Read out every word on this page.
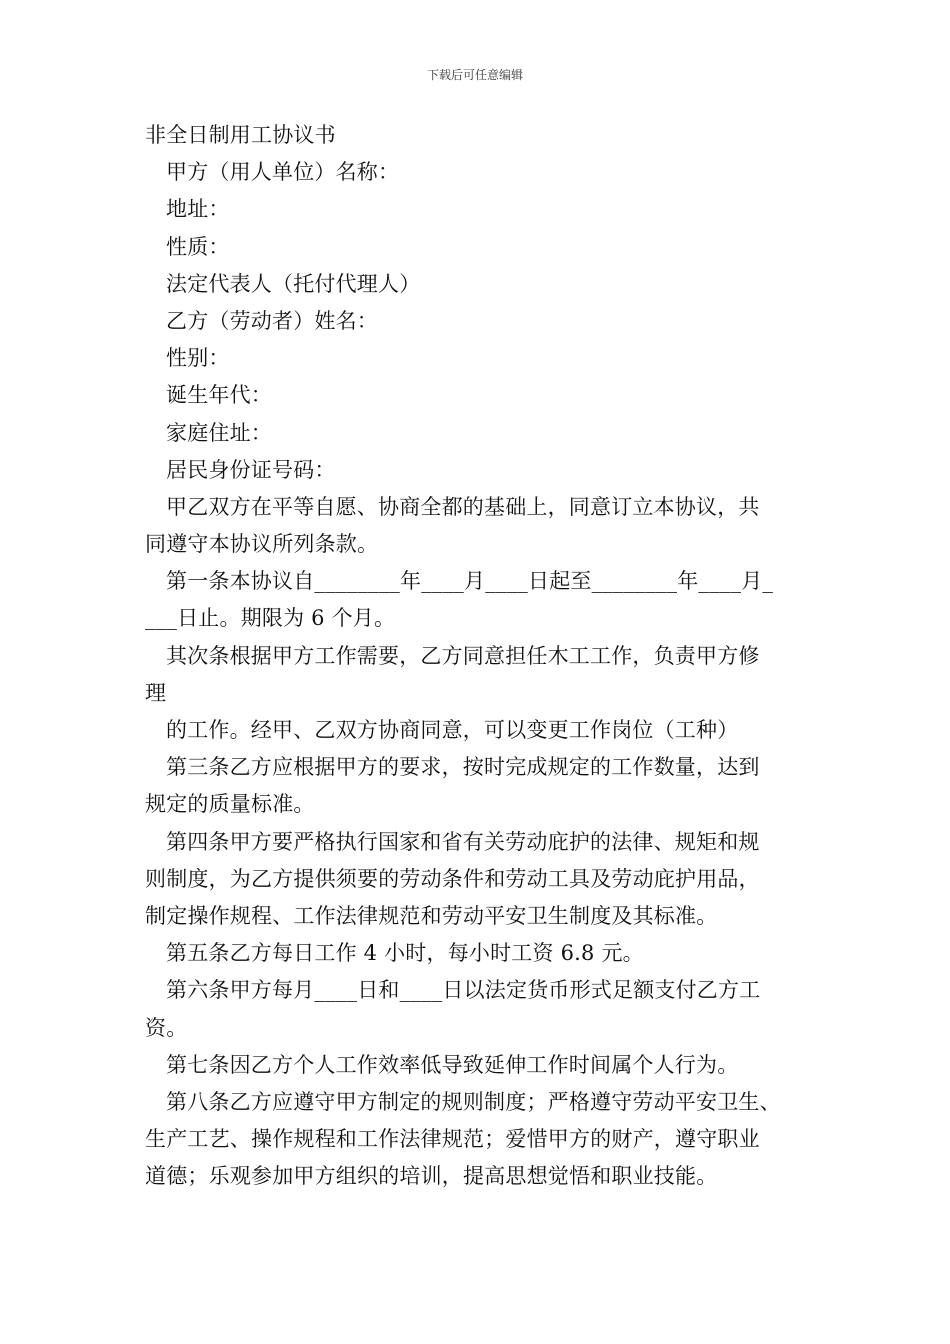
下载后可任意编辑
非全日制用工协议书
甲方（用人单位）名称：
地址：
性质：
法定代表人（托付代理人）
乙方（劳动者）姓名：
性别：
诞生年代：
家庭住址：
居民身份证号码：
甲乙双方在平等自愿、协商全都的基础上，同意订立本协议，共
同遵守本协议所列条款。
第一条本协议自________年____月____日起至________年____月_
___日止。期限为 6 个月。
其次条根据甲方工作需要，乙方同意担任木工工作，负责甲方修
理
的工作。经甲、乙双方协商同意，可以变更工作岗位（工种）
第三条乙方应根据甲方的要求，按时完成规定的工作数量，达到
规定的质量标准。
第四条甲方要严格执行国家和省有关劳动庇护的法律、规矩和规
则制度，为乙方提供须要的劳动条件和劳动工具及劳动庇护用品，
制定操作规程、工作法律规范和劳动平安卫生制度及其标准。
第五条乙方每日工作 4 小时，每小时工资 6.8 元。
第六条甲方每月____日和____日以法定货币形式足额支付乙方工
资。
第七条因乙方个人工作效率低导致延伸工作时间属个人行为。
第八条乙方应遵守甲方制定的规则制度；严格遵守劳动平安卫生、
生产工艺、操作规程和工作法律规范；爱惜甲方的财产，遵守职业
道德；乐观参加甲方组织的培训，提高思想觉悟和职业技能。
